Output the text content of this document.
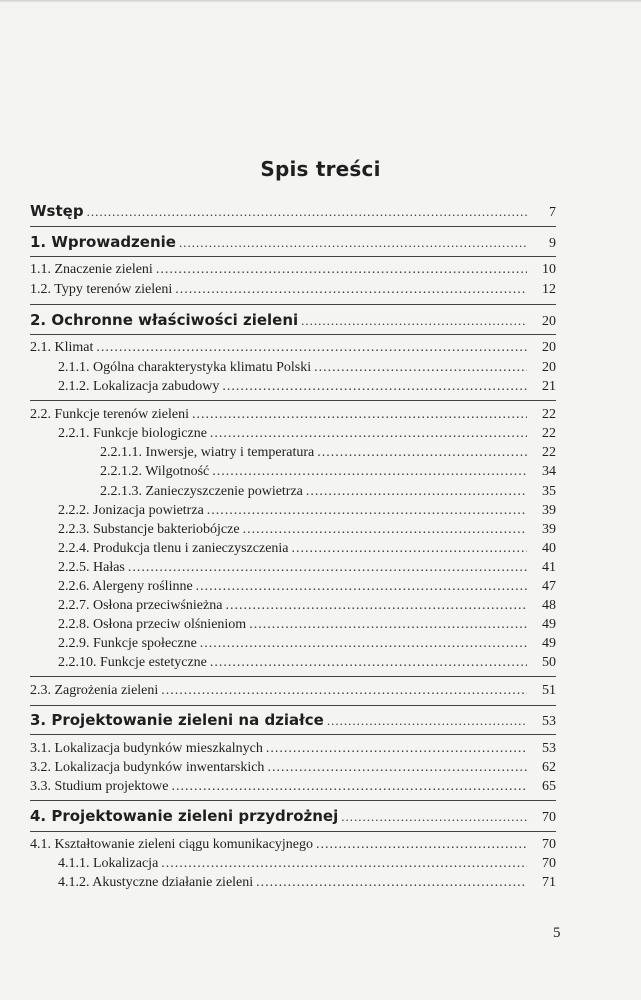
Spis treści
Wstęp .....	7
1. Wprowadzenie .....	9
1.1. Znaczenie zieleni .....	10
1.2. Typy terenów zieleni .....	12
2. Ochronne właściwości zieleni .....	20
2.1. Klimat .....	20
2.1.1. Ogólna charakterystyka klimatu Polski .....	20
2.1.2. Lokalizacja zabudowy .....	21
2.2. Funkcje terenów zieleni .....	22
2.2.1. Funkcje biologiczne .....	22
2.2.1.1. Inwersje, wiatry i temperatura .....	22
2.2.1.2. Wilgotność .....	34
2.2.1.3. Zanieczyszczenie powietrza .....	35
2.2.2. Jonizacja powietrza .....	39
2.2.3. Substancje bakteriobójcze .....	39
2.2.4. Produkcja tlenu i zanieczyszczenia .....	40
2.2.5. Hałas .....	41
2.2.6. Alergeny roślinne .....	47
2.2.7. Osłona przeciwśnieżna .....	48
2.2.8. Osłona przeciw olśnieniom .....	49
2.2.9. Funkcje społeczne .....	49
2.2.10. Funkcje estetyczne .....	50
2.3. Zagrożenia zieleni .....	51
3. Projektowanie zieleni na działce .....	53
3.1. Lokalizacja budynków mieszkalnych .....	53
3.2. Lokalizacja budynków inwentarskich .....	62
3.3. Studium projektowe .....	65
4. Projektowanie zieleni przydrożnej .....	70
4.1. Kształtowanie zieleni ciągu komunikacyjnego .....	70
4.1.1. Lokalizacja .....	70
4.1.2. Akustyczne działanie zieleni .....	71
5
